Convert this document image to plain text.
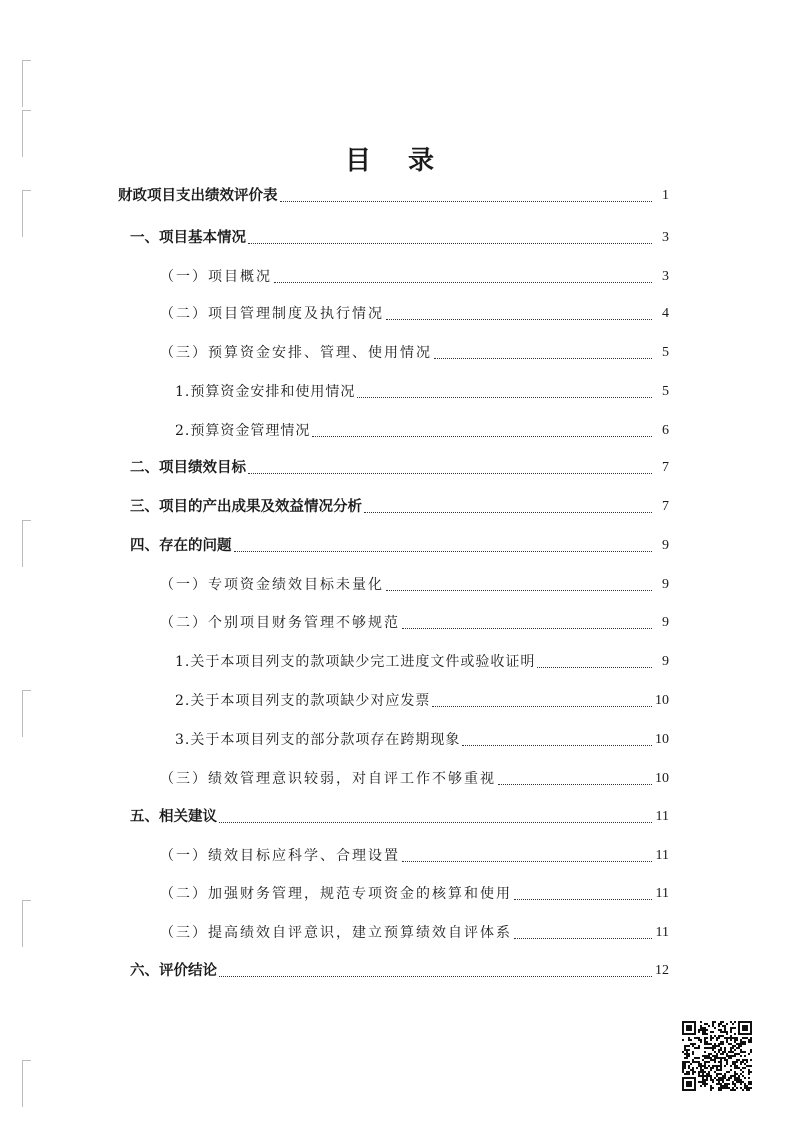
目 录
财政项目支出绩效评价表	1
一、项目基本情况	3
（一）项目概况	3
（二）项目管理制度及执行情况	4
（三）预算资金安排、管理、使用情况	5
1.预算资金安排和使用情况	5
2.预算资金管理情况	6
二、项目绩效目标	7
三、项目的产出成果及效益情况分析	7
四、存在的问题	9
（一）专项资金绩效目标未量化	9
（二）个别项目财务管理不够规范	9
1.关于本项目列支的款项缺少完工进度文件或验收证明	9
2.关于本项目列支的款项缺少对应发票	10
3.关于本项目列支的部分款项存在跨期现象	10
（三）绩效管理意识较弱，对自评工作不够重视	10
五、相关建议	11
（一）绩效目标应科学、合理设置	11
（二）加强财务管理，规范专项资金的核算和使用	11
（三）提高绩效自评意识，建立预算绩效自评体系	11
六、评价结论	12
